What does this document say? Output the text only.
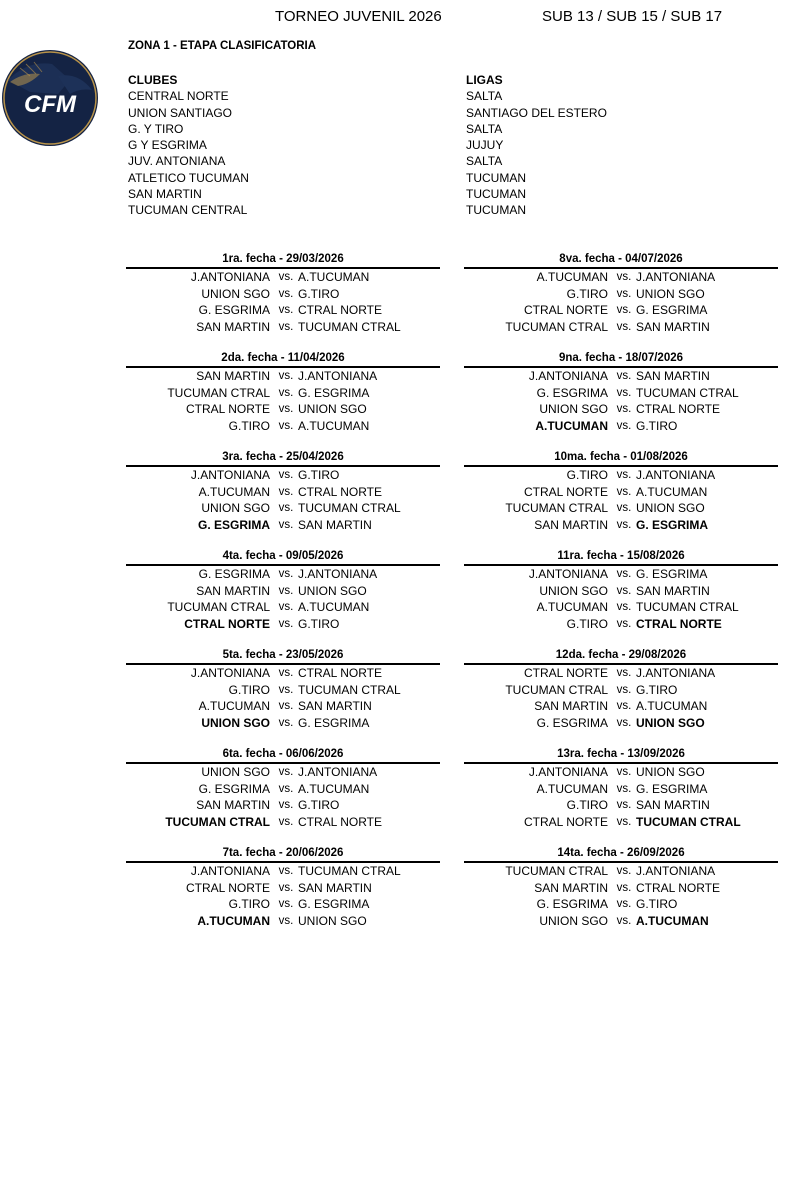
TORNEO JUVENIL 2026	SUB 13 / SUB 15 / SUB 17
ZONA 1 - ETAPA CLASIFICATORIA
CFM
CLUBES
CENTRAL NORTE
UNION SANTIAGO
G. Y TIRO
G Y ESGRIMA
JUV. ANTONIANA
ATLETICO TUCUMAN
SAN MARTIN
TUCUMAN CENTRAL
LIGAS
SALTA
SANTIAGO DEL ESTERO
SALTA
JUJUY
SALTA
TUCUMAN
TUCUMAN
TUCUMAN
1ra. fecha - 29/03/2026
J.ANTONIANA vs. A.TUCUMAN
UNION SGO vs. G.TIRO
G. ESGRIMA vs. CTRAL NORTE
SAN MARTIN vs. TUCUMAN CTRAL
8va. fecha - 04/07/2026
A.TUCUMAN vs. J.ANTONIANA
G.TIRO vs. UNION SGO
CTRAL NORTE vs. G. ESGRIMA
TUCUMAN CTRAL vs. SAN MARTIN
2da. fecha - 11/04/2026
SAN MARTIN vs. J.ANTONIANA
TUCUMAN CTRAL vs. G. ESGRIMA
CTRAL NORTE vs. UNION SGO
G.TIRO vs. A.TUCUMAN
9na. fecha - 18/07/2026
J.ANTONIANA vs. SAN MARTIN
G. ESGRIMA vs. TUCUMAN CTRAL
UNION SGO vs. CTRAL NORTE
A.TUCUMAN vs. G.TIRO
3ra. fecha - 25/04/2026
J.ANTONIANA vs. G.TIRO
A.TUCUMAN vs. CTRAL NORTE
UNION SGO vs. TUCUMAN CTRAL
G. ESGRIMA vs. SAN MARTIN
10ma. fecha - 01/08/2026
G.TIRO vs. J.ANTONIANA
CTRAL NORTE vs. A.TUCUMAN
TUCUMAN CTRAL vs. UNION SGO
SAN MARTIN vs. G. ESGRIMA
4ta. fecha - 09/05/2026
G. ESGRIMA vs. J.ANTONIANA
SAN MARTIN vs. UNION SGO
TUCUMAN CTRAL vs. A.TUCUMAN
CTRAL NORTE vs. G.TIRO
11ra. fecha - 15/08/2026
J.ANTONIANA vs. G. ESGRIMA
UNION SGO vs. SAN MARTIN
A.TUCUMAN vs. TUCUMAN CTRAL
G.TIRO vs. CTRAL NORTE
5ta. fecha - 23/05/2026
J.ANTONIANA vs. CTRAL NORTE
G.TIRO vs. TUCUMAN CTRAL
A.TUCUMAN vs. SAN MARTIN
UNION SGO vs. G. ESGRIMA
12da. fecha - 29/08/2026
CTRAL NORTE vs. J.ANTONIANA
TUCUMAN CTRAL vs. G.TIRO
SAN MARTIN vs. A.TUCUMAN
G. ESGRIMA vs. UNION SGO
6ta. fecha - 06/06/2026
UNION SGO vs. J.ANTONIANA
G. ESGRIMA vs. A.TUCUMAN
SAN MARTIN vs. G.TIRO
TUCUMAN CTRAL vs. CTRAL NORTE
13ra. fecha - 13/09/2026
J.ANTONIANA vs. UNION SGO
A.TUCUMAN vs. G. ESGRIMA
G.TIRO vs. SAN MARTIN
CTRAL NORTE vs. TUCUMAN CTRAL
7ta. fecha - 20/06/2026
J.ANTONIANA vs. TUCUMAN CTRAL
CTRAL NORTE vs. SAN MARTIN
G.TIRO vs. G. ESGRIMA
A.TUCUMAN vs. UNION SGO
14ta. fecha - 26/09/2026
TUCUMAN CTRAL vs. J.ANTONIANA
SAN MARTIN vs. CTRAL NORTE
G. ESGRIMA vs. G.TIRO
UNION SGO vs. A.TUCUMAN
